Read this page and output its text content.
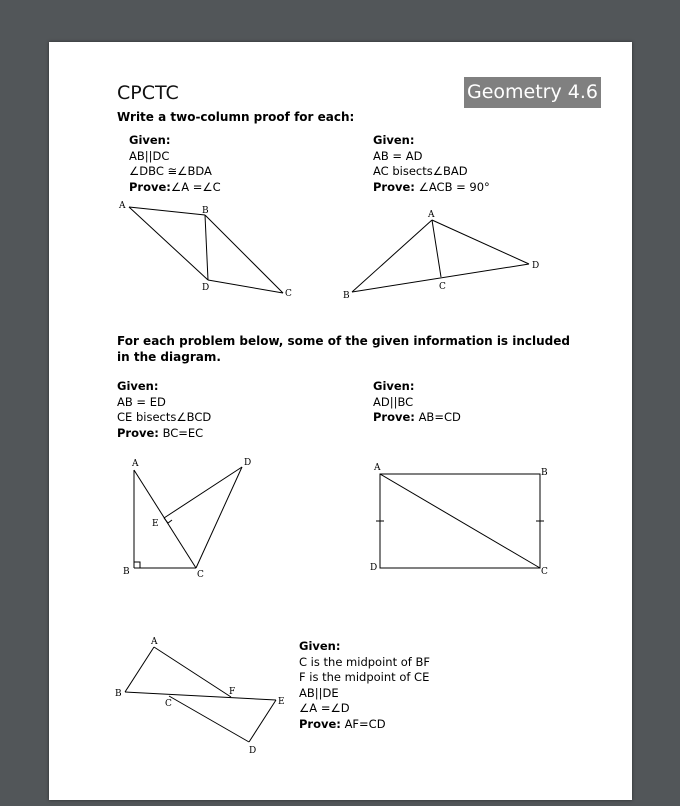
CPCTC	Geometry 4.6
Write a two-column proof for each:
Given:
AB||DC
∠DBC ≅∠BDA
Prove:∠A =∠C
Given:
AB = AD
AC bisects∠BAD
Prove: ∠ACB = 90°
A	B
C
D
A
B
C
D
For each problem below, some of the given information is included
in the diagram.
Given:
AB = ED
CE bisects∠BCD
Prove: BC=EC
Given:
AD||BC
Prove: AB=CD
A
B	C
D
E
A	B
C
D
A
B
C
D
E
F
Given:
C is the midpoint of BF
F is the midpoint of CE
AB||DE
∠A =∠D
Prove: AF=CD
